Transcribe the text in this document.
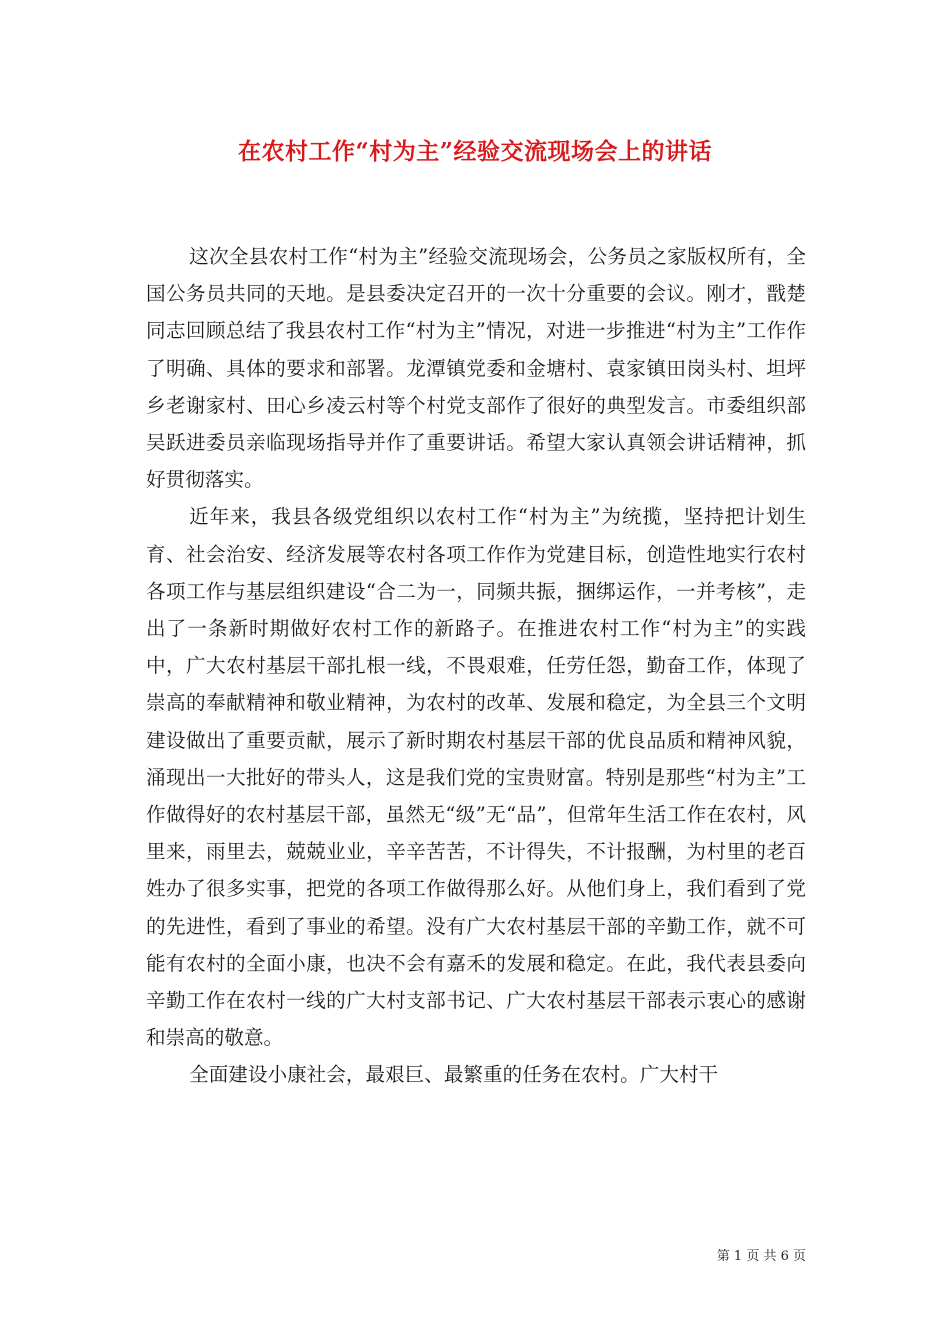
在农村工作“村为主”经验交流现场会上的讲话

这次全县农村工作“村为主”经验交流现场会，公务员之家版权所有，全国公务员共同的天地。是县委决定召开的一次十分重要的会议。刚才，戬楚同志回顾总结了我县农村工作“村为主”情况，对进一步推进“村为主”工作作了明确、具体的要求和部署。龙潭镇党委和金塘村、袁家镇田岗头村、坦坪乡老谢家村、田心乡凌云村等个村党支部作了很好的典型发言。市委组织部吴跃进委员亲临现场指导并作了重要讲话。希望大家认真领会讲话精神，抓好贯彻落实。

近年来，我县各级党组织以农村工作“村为主”为统揽，坚持把计划生育、社会治安、经济发展等农村各项工作作为党建目标，创造性地实行农村各项工作与基层组织建设“合二为一，同频共振，捆绑运作，一并考核”，走出了一条新时期做好农村工作的新路子。在推进农村工作“村为主”的实践中，广大农村基层干部扎根一线，不畏艰难，任劳任怨，勤奋工作，体现了崇高的奉献精神和敬业精神，为农村的改革、发展和稳定，为全县三个文明建设做出了重要贡献，展示了新时期农村基层干部的优良品质和精神风貌，涌现出一大批好的带头人，这是我们党的宝贵财富。特别是那些“村为主”工作做得好的农村基层干部，虽然无“级”无“品”，但常年生活工作在农村，风里来，雨里去，兢兢业业，辛辛苦苦，不计得失，不计报酬，为村里的老百姓办了很多实事，把党的各项工作做得那么好。从他们身上，我们看到了党的先进性，看到了事业的希望。没有广大农村基层干部的辛勤工作，就不可能有农村的全面小康，也决不会有嘉禾的发展和稳定。在此，我代表县委向辛勤工作在农村一线的广大村支部书记、广大农村基层干部表示衷心的感谢和崇高的敬意。

全面建设小康社会，最艰巨、最繁重的任务在农村。广大村干

第 1 页 共 6 页
